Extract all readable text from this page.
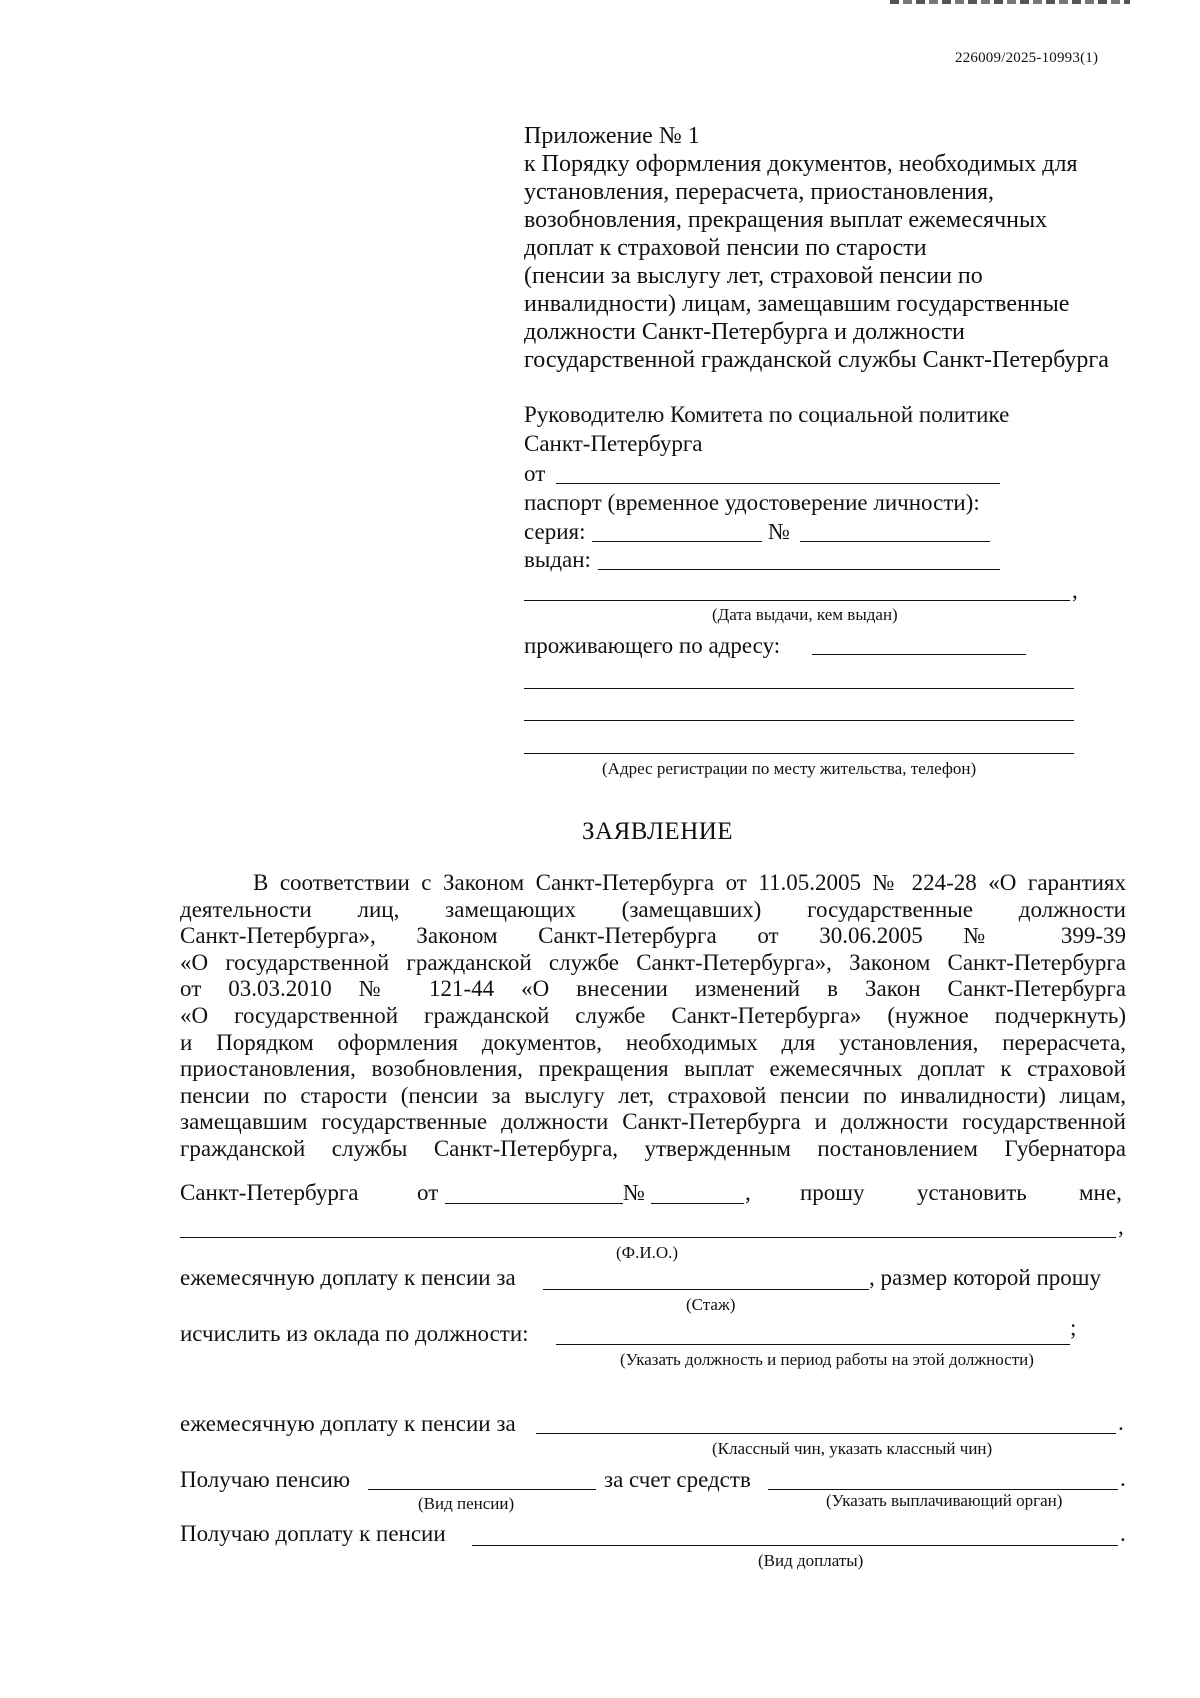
226009/2025-10993(1)
Приложение № 1
к Порядку оформления документов, необходимых для
установления, перерасчета, приостановления,
возобновления, прекращения выплат ежемесячных
доплат к страховой пенсии по старости
(пенсии за выслугу лет, страховой пенсии по
инвалидности) лицам, замещавшим государственные
должности Санкт-Петербурга и должности
государственной гражданской службы Санкт-Петербурга
Руководителю Комитета по социальной политике
Санкт-Петербурга
от
паспорт (временное удостоверение личности):
серия:	№
выдан:
,
(Дата выдачи, кем выдан)
проживающего по адресу:
(Адрес регистрации по месту жительства, телефон)
ЗАЯВЛЕНИЕ
В соответствии с Законом Санкт-Петербурга от 11.05.2005 № 224-28 «О гарантиях
деятельности лиц, замещающих (замещавших) государственные должности
Санкт-Петербурга», Законом Санкт-Петербурга от 30.06.2005 № 399-39
«О государственной гражданской службе Санкт-Петербурга», Законом Санкт-Петербурга
от 03.03.2010 № 121-44 «О внесении изменений в Закон Санкт-Петербурга
«О государственной гражданской службе Санкт-Петербурга» (нужное подчеркнуть)
и Порядком оформления документов, необходимых для установления, перерасчета,
приостановления, возобновления, прекращения выплат ежемесячных доплат к страховой
пенсии по старости (пенсии за выслугу лет, страховой пенсии по инвалидности) лицам,
замещавшим государственные должности Санкт-Петербурга и должности государственной
гражданской службы Санкт-Петербурга, утвержденным постановлением Губернатора
Санкт-Петербурга	от	№	, прошу установить мне,
,
(Ф.И.О.)
ежемесячную доплату к пенсии за	, размер которой прошу
(Стаж)
исчислить из оклада по должности:	;
(Указать должность и период работы на этой должности)
ежемесячную доплату к пенсии за	.
(Классный чин, указать классный чин)
Получаю пенсию	за счет средств	.
(Вид пенсии)	(Указать выплачивающий орган)
Получаю доплату к пенсии	.
(Вид доплаты)
